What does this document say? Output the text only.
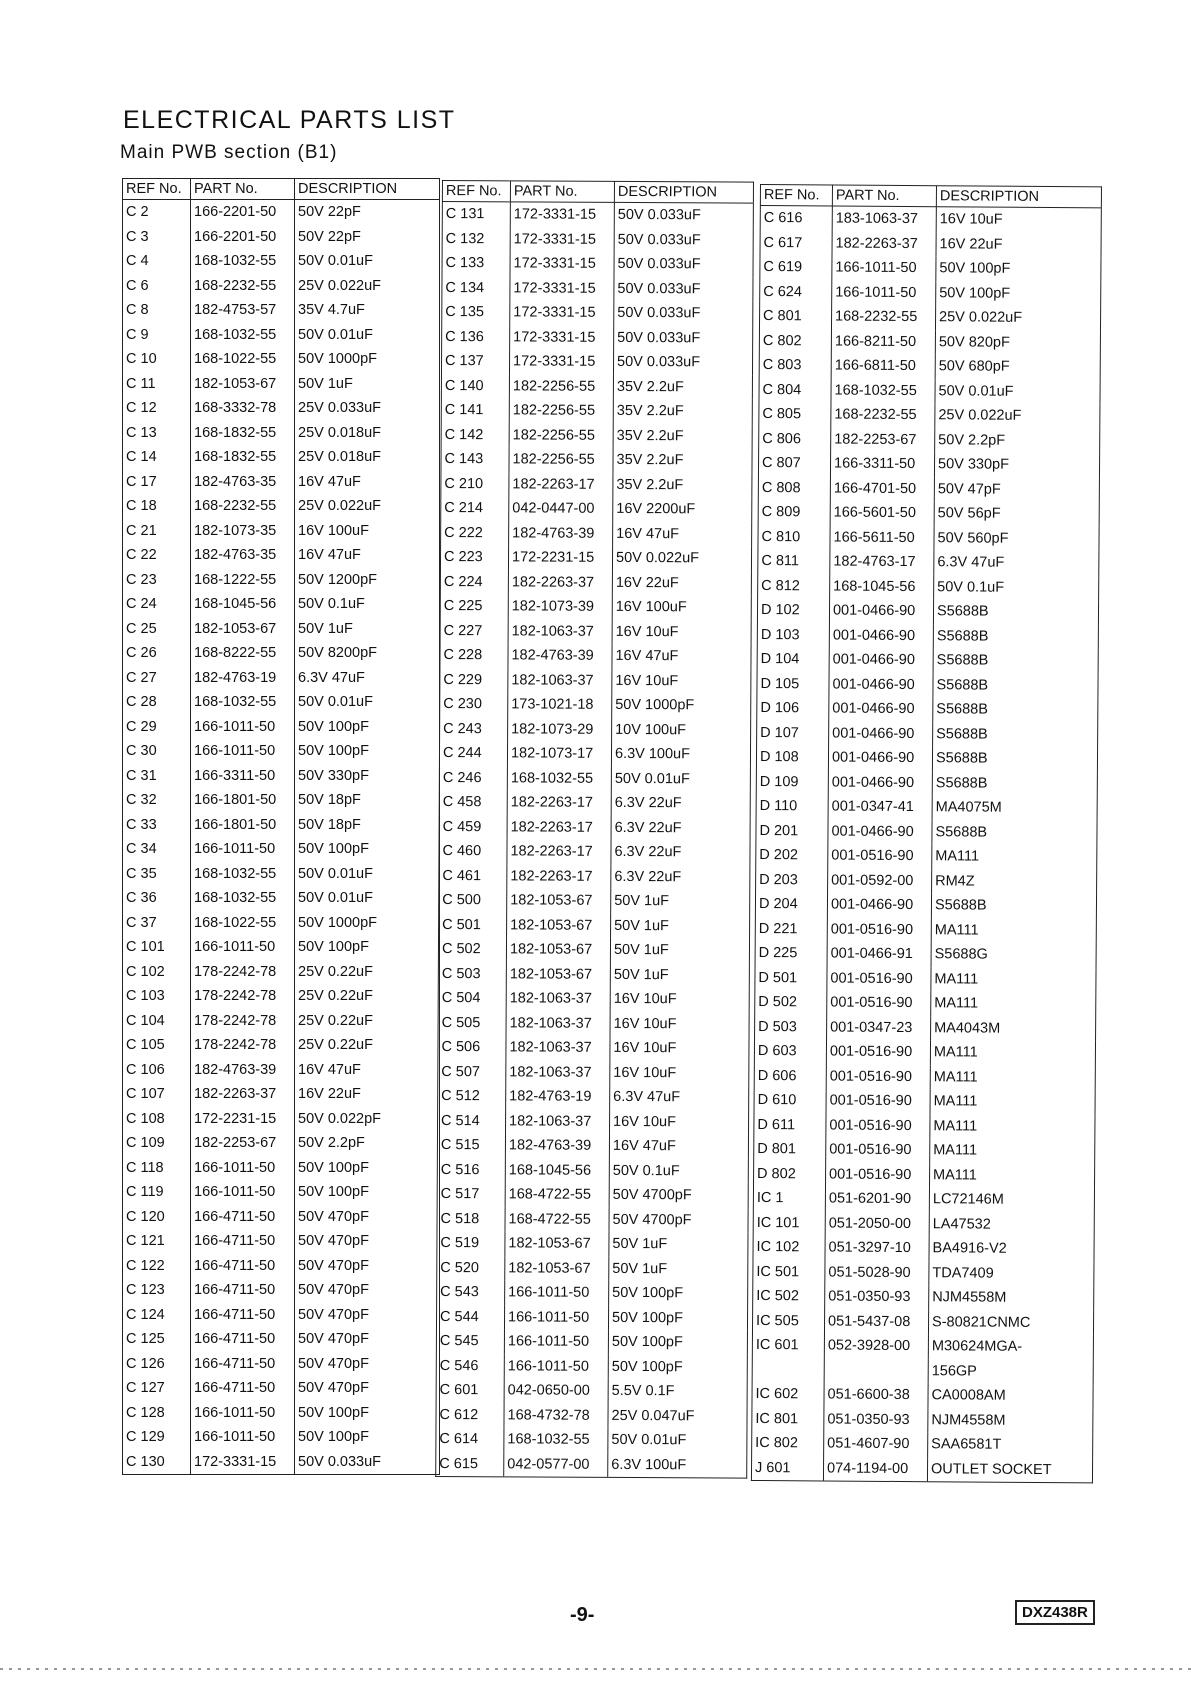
ELECTRICAL PARTS LIST
Main PWB section (B1)
REF No.	PART No.	DESCRIPTION
C 2	166-2201-50	50V 22pF
C 3	166-2201-50	50V 22pF
C 4	168-1032-55	50V 0.01uF
C 6	168-2232-55	25V 0.022uF
C 8	182-4753-57	35V 4.7uF
C 9	168-1032-55	50V 0.01uF
C 10	168-1022-55	50V 1000pF
C 11	182-1053-67	50V 1uF
C 12	168-3332-78	25V 0.033uF
C 13	168-1832-55	25V 0.018uF
C 14	168-1832-55	25V 0.018uF
C 17	182-4763-35	16V 47uF
C 18	168-2232-55	25V 0.022uF
C 21	182-1073-35	16V 100uF
C 22	182-4763-35	16V 47uF
C 23	168-1222-55	50V 1200pF
C 24	168-1045-56	50V 0.1uF
C 25	182-1053-67	50V 1uF
C 26	168-8222-55	50V 8200pF
C 27	182-4763-19	6.3V 47uF
C 28	168-1032-55	50V 0.01uF
C 29	166-1011-50	50V 100pF
C 30	166-1011-50	50V 100pF
C 31	166-3311-50	50V 330pF
C 32	166-1801-50	50V 18pF
C 33	166-1801-50	50V 18pF
C 34	166-1011-50	50V 100pF
C 35	168-1032-55	50V 0.01uF
C 36	168-1032-55	50V 0.01uF
C 37	168-1022-55	50V 1000pF
C 101	166-1011-50	50V 100pF
C 102	178-2242-78	25V 0.22uF
C 103	178-2242-78	25V 0.22uF
C 104	178-2242-78	25V 0.22uF
C 105	178-2242-78	25V 0.22uF
C 106	182-4763-39	16V 47uF
C 107	182-2263-37	16V 22uF
C 108	172-2231-15	50V 0.022pF
C 109	182-2253-67	50V 2.2pF
C 118	166-1011-50	50V 100pF
C 119	166-1011-50	50V 100pF
C 120	166-4711-50	50V 470pF
C 121	166-4711-50	50V 470pF
C 122	166-4711-50	50V 470pF
C 123	166-4711-50	50V 470pF
C 124	166-4711-50	50V 470pF
C 125	166-4711-50	50V 470pF
C 126	166-4711-50	50V 470pF
C 127	166-4711-50	50V 470pF
C 128	166-1011-50	50V 100pF
C 129	166-1011-50	50V 100pF
C 130	172-3331-15	50V 0.033uF
REF No.	PART No.	DESCRIPTION
C 131	172-3331-15	50V 0.033uF
C 132	172-3331-15	50V 0.033uF
C 133	172-3331-15	50V 0.033uF
C 134	172-3331-15	50V 0.033uF
C 135	172-3331-15	50V 0.033uF
C 136	172-3331-15	50V 0.033uF
C 137	172-3331-15	50V 0.033uF
C 140	182-2256-55	35V 2.2uF
C 141	182-2256-55	35V 2.2uF
C 142	182-2256-55	35V 2.2uF
C 143	182-2256-55	35V 2.2uF
C 210	182-2263-17	35V 2.2uF
C 214	042-0447-00	16V 2200uF
C 222	182-4763-39	16V 47uF
C 223	172-2231-15	50V 0.022uF
C 224	182-2263-37	16V 22uF
C 225	182-1073-39	16V 100uF
C 227	182-1063-37	16V 10uF
C 228	182-4763-39	16V 47uF
C 229	182-1063-37	16V 10uF
C 230	173-1021-18	50V 1000pF
C 243	182-1073-29	10V 100uF
C 244	182-1073-17	6.3V 100uF
C 246	168-1032-55	50V 0.01uF
C 458	182-2263-17	6.3V 22uF
C 459	182-2263-17	6.3V 22uF
C 460	182-2263-17	6.3V 22uF
C 461	182-2263-17	6.3V 22uF
C 500	182-1053-67	50V 1uF
C 501	182-1053-67	50V 1uF
C 502	182-1053-67	50V 1uF
C 503	182-1053-67	50V 1uF
C 504	182-1063-37	16V 10uF
C 505	182-1063-37	16V 10uF
C 506	182-1063-37	16V 10uF
C 507	182-1063-37	16V 10uF
C 512	182-4763-19	6.3V 47uF
C 514	182-1063-37	16V 10uF
C 515	182-4763-39	16V 47uF
C 516	168-1045-56	50V 0.1uF
C 517	168-4722-55	50V 4700pF
C 518	168-4722-55	50V 4700pF
C 519	182-1053-67	50V 1uF
C 520	182-1053-67	50V 1uF
C 543	166-1011-50	50V 100pF
C 544	166-1011-50	50V 100pF
C 545	166-1011-50	50V 100pF
C 546	166-1011-50	50V 100pF
C 601	042-0650-00	5.5V 0.1F
C 612	168-4732-78	25V 0.047uF
C 614	168-1032-55	50V 0.01uF
C 615	042-0577-00	6.3V 100uF
REF No.	PART No.	DESCRIPTION
C 616	183-1063-37	16V 10uF
C 617	182-2263-37	16V 22uF
C 619	166-1011-50	50V 100pF
C 624	166-1011-50	50V 100pF
C 801	168-2232-55	25V 0.022uF
C 802	166-8211-50	50V 820pF
C 803	166-6811-50	50V 680pF
C 804	168-1032-55	50V 0.01uF
C 805	168-2232-55	25V 0.022uF
C 806	182-2253-67	50V 2.2pF
C 807	166-3311-50	50V 330pF
C 808	166-4701-50	50V 47pF
C 809	166-5601-50	50V 56pF
C 810	166-5611-50	50V 560pF
C 811	182-4763-17	6.3V 47uF
C 812	168-1045-56	50V 0.1uF
D 102	001-0466-90	S5688B
D 103	001-0466-90	S5688B
D 104	001-0466-90	S5688B
D 105	001-0466-90	S5688B
D 106	001-0466-90	S5688B
D 107	001-0466-90	S5688B
D 108	001-0466-90	S5688B
D 109	001-0466-90	S5688B
D 110	001-0347-41	MA4075M
D 201	001-0466-90	S5688B
D 202	001-0516-90	MA111
D 203	001-0592-00	RM4Z
D 204	001-0466-90	S5688B
D 221	001-0516-90	MA111
D 225	001-0466-91	S5688G
D 501	001-0516-90	MA111
D 502	001-0516-90	MA111
D 503	001-0347-23	MA4043M
D 603	001-0516-90	MA111
D 606	001-0516-90	MA111
D 610	001-0516-90	MA111
D 611	001-0516-90	MA111
D 801	001-0516-90	MA111
D 802	001-0516-90	MA111
IC 1	051-6201-90	LC72146M
IC 101	051-2050-00	LA47532
IC 102	051-3297-10	BA4916-V2
IC 501	051-5028-90	TDA7409
IC 502	051-0350-93	NJM4558M
IC 505	051-5437-08	S-80821CNMC
IC 601	052-3928-00	M30624MGA-
		156GP
IC 602	051-6600-38	CA0008AM
IC 801	051-0350-93	NJM4558M
IC 802	051-4607-90	SAA6581T
J 601	074-1194-00	OUTLET SOCKET
-9-	DXZ438R
